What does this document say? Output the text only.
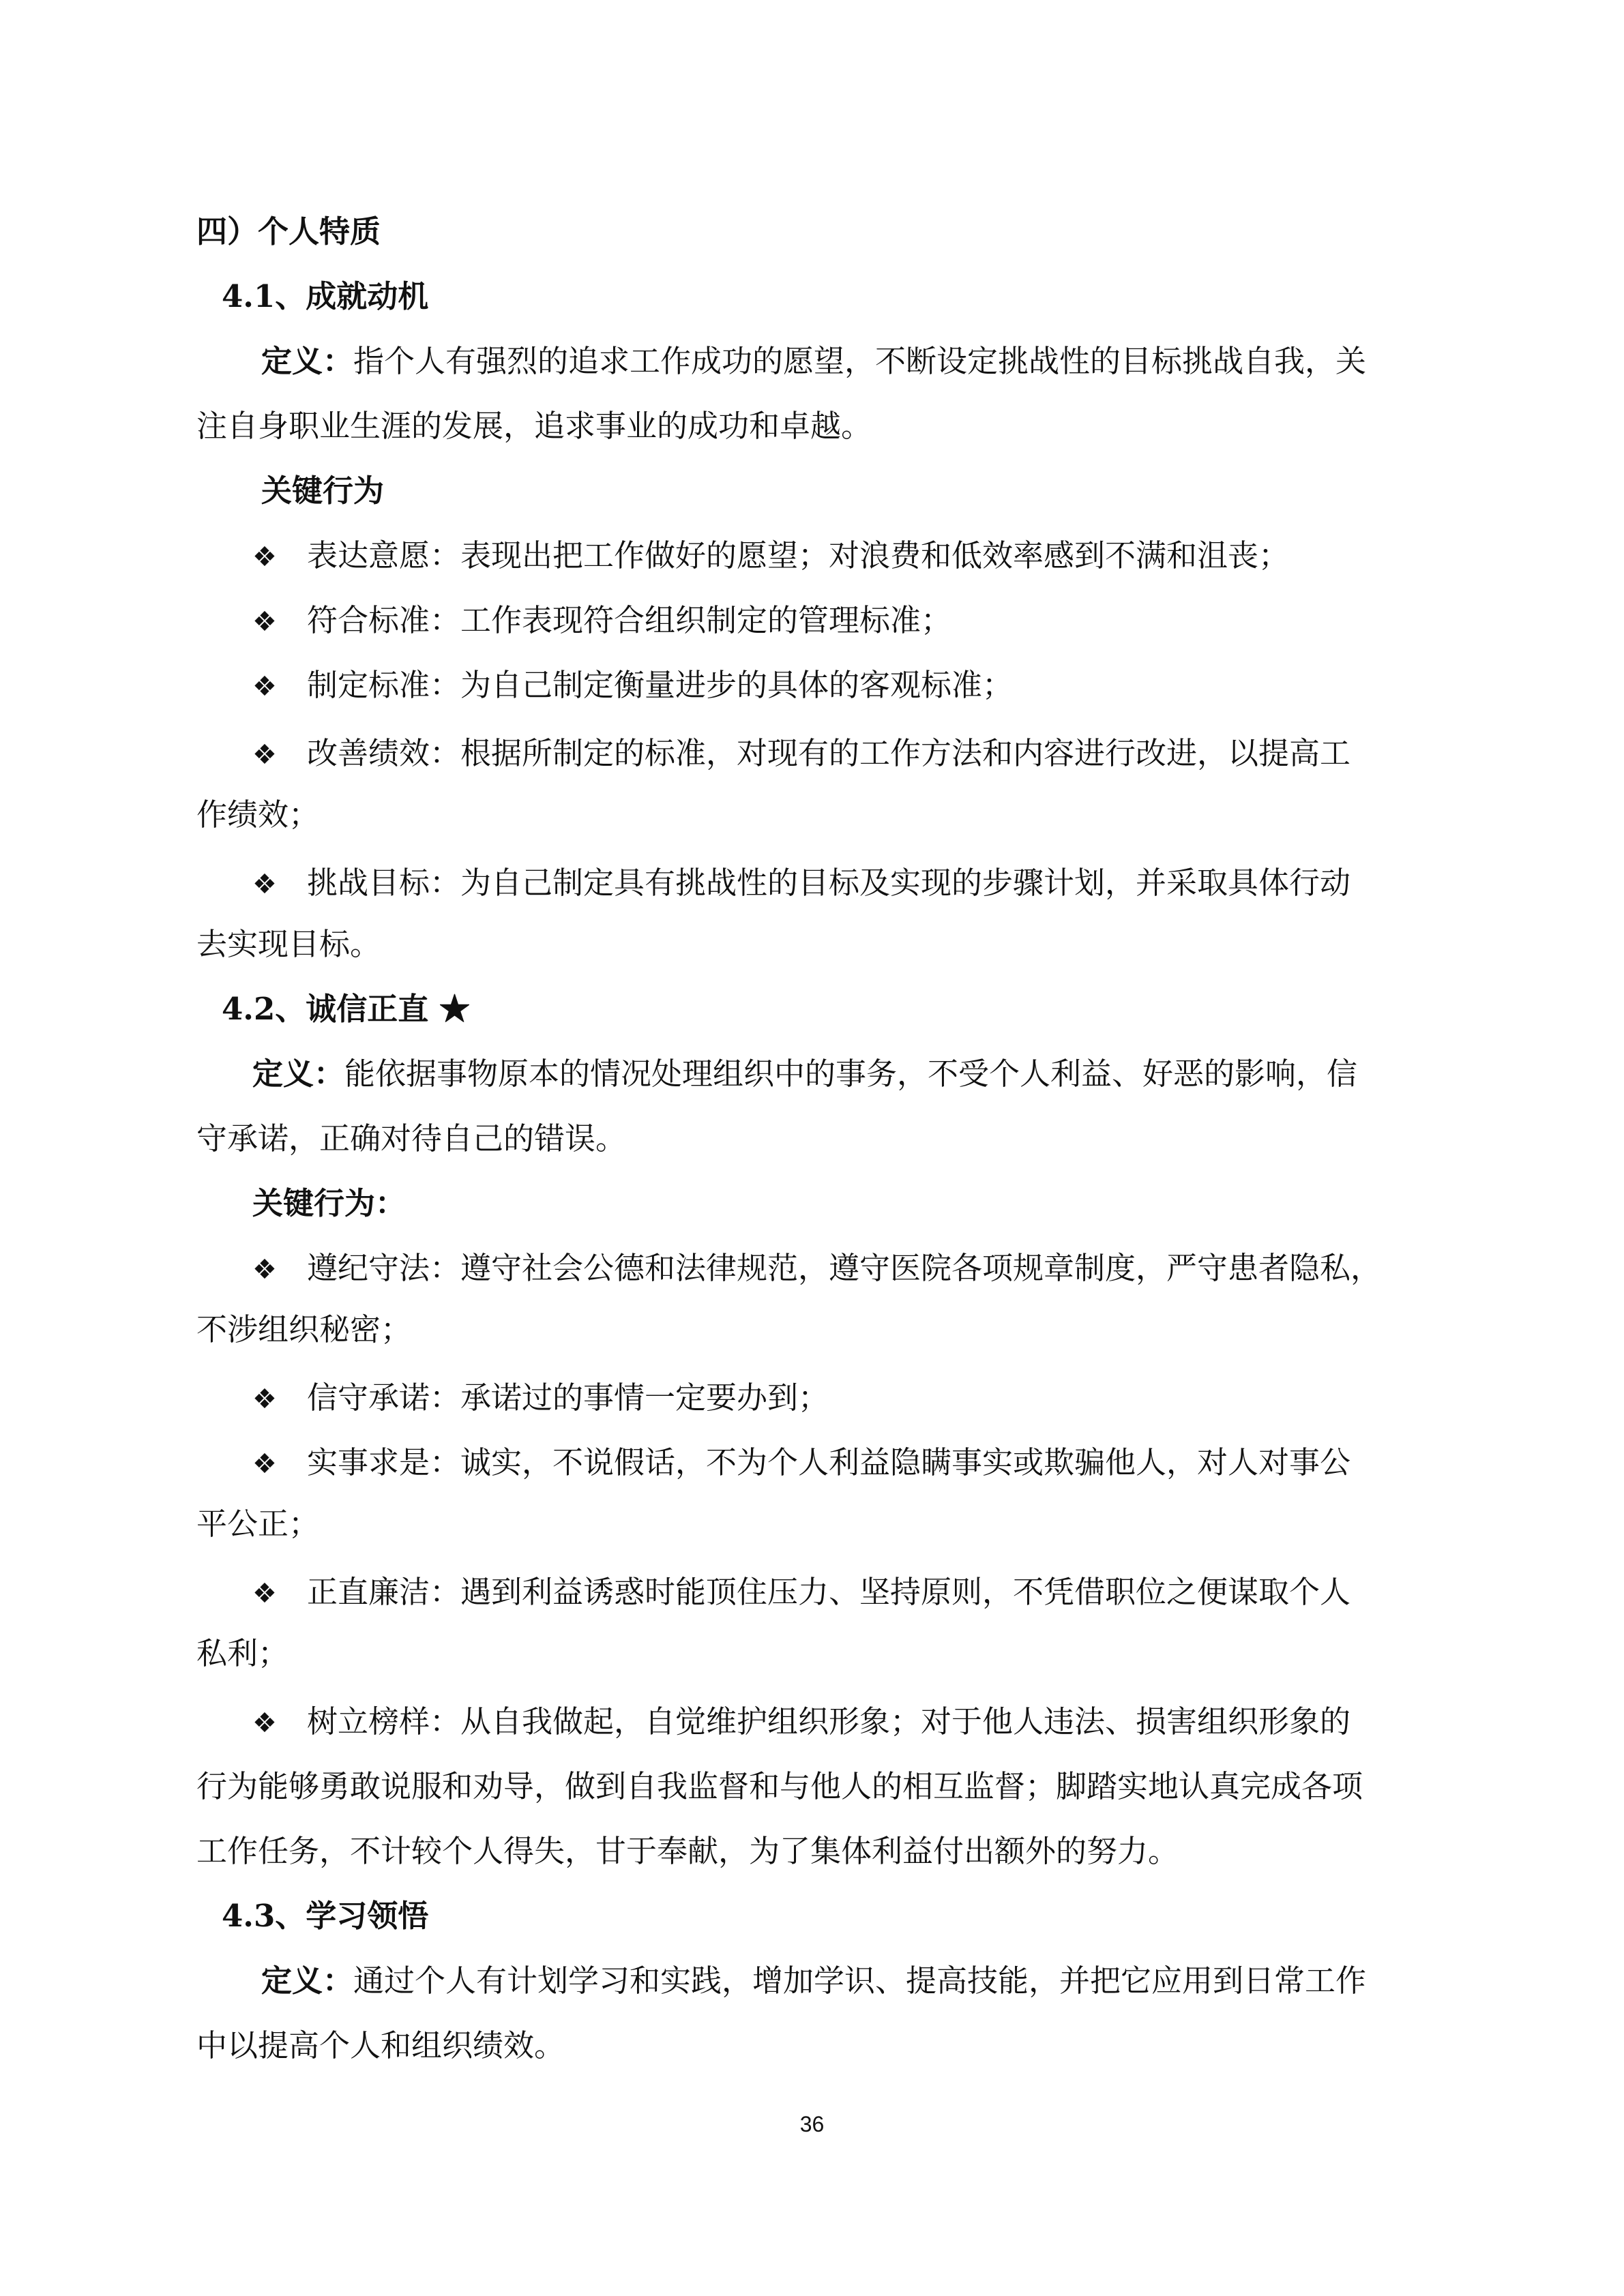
四）个人特质
4.1、成就动机
定义：指个人有强烈的追求工作成功的愿望，不断设定挑战性的目标挑战自我，关
注自身职业生涯的发展，追求事业的成功和卓越。
关键行为
❖ 表达意愿：表现出把工作做好的愿望；对浪费和低效率感到不满和沮丧；
❖ 符合标准：工作表现符合组织制定的管理标准；
❖ 制定标准：为自己制定衡量进步的具体的客观标准；
❖ 改善绩效：根据所制定的标准，对现有的工作方法和内容进行改进，以提高工
作绩效；
❖ 挑战目标：为自己制定具有挑战性的目标及实现的步骤计划，并采取具体行动
去实现目标。
4.2、诚信正直 ★
定义：能依据事物原本的情况处理组织中的事务，不受个人利益、好恶的影响，信
守承诺，正确对待自己的错误。
关键行为：
❖ 遵纪守法：遵守社会公德和法律规范，遵守医院各项规章制度，严守患者隐私，
不涉组织秘密；
❖ 信守承诺：承诺过的事情一定要办到；
❖ 实事求是：诚实，不说假话，不为个人利益隐瞒事实或欺骗他人，对人对事公
平公正；
❖ 正直廉洁：遇到利益诱惑时能顶住压力、坚持原则，不凭借职位之便谋取个人
私利；
❖ 树立榜样：从自我做起，自觉维护组织形象；对于他人违法、损害组织形象的
行为能够勇敢说服和劝导，做到自我监督和与他人的相互监督；脚踏实地认真完成各项
工作任务，不计较个人得失，甘于奉献，为了集体利益付出额外的努力。
4.3、学习领悟
定义：通过个人有计划学习和实践，增加学识、提高技能，并把它应用到日常工作
中以提高个人和组织绩效。
36
